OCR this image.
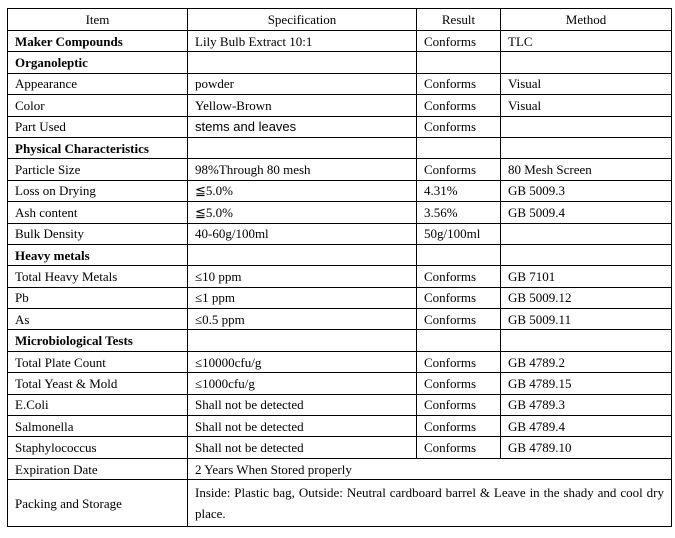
Item	Specification	Result	Method
Maker Compounds	Lily Bulb Extract 10:1	Conforms	TLC
Organoleptic			
Appearance	powder	Conforms	Visual
Color	Yellow-Brown	Conforms	Visual
Part Used	stems and leaves	Conforms	
Physical Characteristics			
Particle Size	98%Through 80 mesh	Conforms	80 Mesh Screen
Loss on Drying	≦5.0%	4.31%	GB 5009.3
Ash content	≦5.0%	3.56%	GB 5009.4
Bulk Density	40-60g/100ml	50g/100ml	
Heavy metals			
Total Heavy Metals	≤10 ppm	Conforms	GB 7101
Pb	≤1 ppm	Conforms	GB 5009.12
As	≤0.5 ppm	Conforms	GB 5009.11
Microbiological Tests			
Total Plate Count	≤10000cfu/g	Conforms	GB 4789.2
Total Yeast & Mold	≤1000cfu/g	Conforms	GB 4789.15
E.Coli	Shall not be detected	Conforms	GB 4789.3
Salmonella	Shall not be detected	Conforms	GB 4789.4
Staphylococcus	Shall not be detected	Conforms	GB 4789.10
Expiration Date	2 Years When Stored properly		
Packing and Storage	Inside: Plastic bag, Outside: Neutral cardboard barrel & Leave in the shady and cool dry place.		
